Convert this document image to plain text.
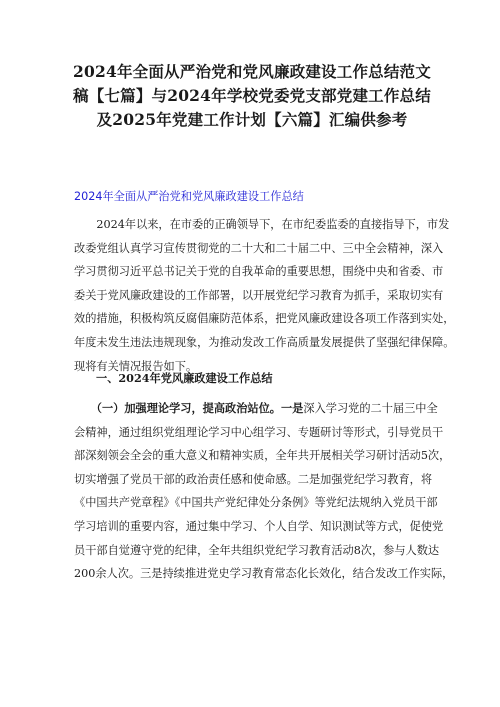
2024年全面从严治党和党风廉政建设工作总结范文
稿【七篇】与2024年学校党委党支部党建工作总结
及2025年党建工作计划【六篇】汇编供参考
2024年全面从严治党和党风廉政建设工作总结
　　2024年以来，在市委的正确领导下，在市纪委监委的直接指导下，市发
改委党组认真学习宣传贯彻党的二十大和二十届二中、三中全会精神，深入
学习贯彻习近平总书记关于党的自我革命的重要思想，围绕中央和省委、市
委关于党风廉政建设的工作部署，以开展党纪学习教育为抓手，采取切实有
效的措施，积极构筑反腐倡廉防范体系，把党风廉政建设各项工作落到实处，
年度未发生违法违规现象，为推动发改工作高质量发展提供了坚强纪律保障。
现将有关情况报告如下。
一、2024年党风廉政建设工作总结
　　（一）加强理论学习，提高政治站位。一是深入学习党的二十届三中全
会精神，通过组织党组理论学习中心组学习、专题研讨等形式，引导党员干
部深刻领会全会的重大意义和精神实质，全年共开展相关学习研讨活动5次，
切实增强了党员干部的政治责任感和使命感。二是加强党纪学习教育，将
《中国共产党章程》《中国共产党纪律处分条例》等党纪法规纳入党员干部
学习培训的重要内容，通过集中学习、个人自学、知识测试等方式，促使党
员干部自觉遵守党的纪律，全年共组织党纪学习教育活动8次，参与人数达
200余人次。三是持续推进党史学习教育常态化长效化，结合发改工作实际，
